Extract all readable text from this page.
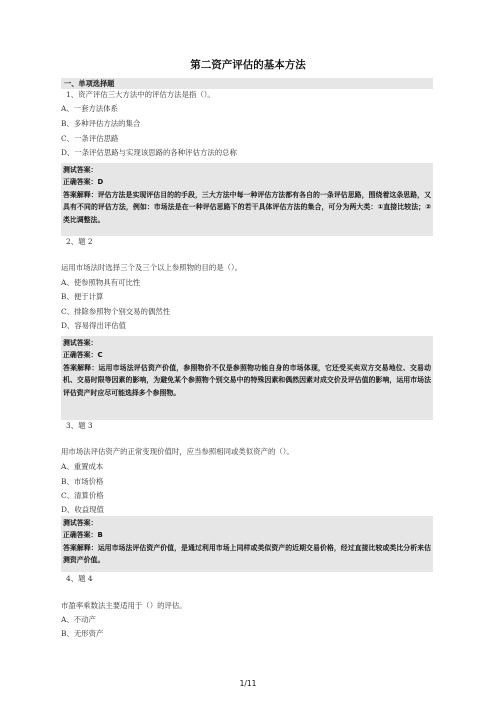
第二资产评估的基本方法
一、单项选择题
1、资产评估三大方法中的评估方法是指（）。
A、一套方法体系
B、多种评估方法的集合
C、一条评估思路
D、一条评估思路与实现该思路的各种评估方法的总称
测试答案：
正确答案：D
答案解释：评估方法是实现评估目的的手段，三大方法中每一种评估方法都有各自的一条评估思路，围绕着这条思路，又具有不同的评估方法，例如：市场法是在一种评估思路下的若干具体评估方法的集合，可分为两大类：①直接比较法；②类比调整法。
2、题 2
运用市场法时选择三个及三个以上参照物的目的是（）。
A、使参照物具有可比性
B、便于计算
C、排除参照物个别交易的偶然性
D、容易得出评估值
测试答案：
正确答案：C
答案解释：运用市场法评估资产价值，参照物价不仅是参照物功能自身的市场体现，它还受买卖双方交易地位、交易动机、交易时限等因素的影响，为避免某个参照物个别交易中的特殊因素和偶然因素对成交价及评估值的影响，运用市场法评估资产时应尽可能选择多个参照物。
3、题 3
用市场法评估资产的正常变现价值时，应当参照相同或类似资产的（）。
A、重置成本
B、市场价格
C、清算价格
D、收益现值
测试答案：
正确答案：B
答案解释：运用市场法评估资产价值，是通过利用市场上同样或类似资产的近期交易价格，经过直接比较或类比分析来估测资产价值。
4、题 4
市盈率乘数法主要适用于（）的评估。
A、不动产
B、无形资产
1/11
